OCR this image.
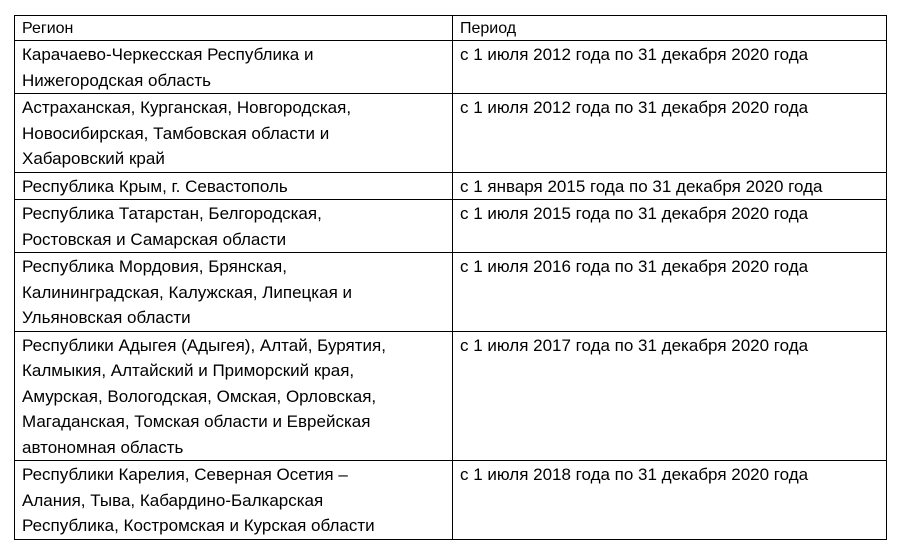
Регион	Период
Карачаево-Черкесская Республика и
Нижегородская область	с 1 июля 2012 года по 31 декабря 2020 года
Астраханская, Курганская, Новгородская,
Новосибирская, Тамбовская области и
Хабаровский край	с 1 июля 2012 года по 31 декабря 2020 года
Республика Крым, г. Севастополь	с 1 января 2015 года по 31 декабря 2020 года
Республика Татарстан, Белгородская,
Ростовская и Самарская области	с 1 июля 2015 года по 31 декабря 2020 года
Республика Мордовия, Брянская,
Калининградская, Калужская, Липецкая и
Ульяновская области	с 1 июля 2016 года по 31 декабря 2020 года
Республики Адыгея (Адыгея), Алтай, Бурятия,
Калмыкия, Алтайский и Приморский края,
Амурская, Вологодская, Омская, Орловская,
Магаданская, Томская области и Еврейская
автономная область	с 1 июля 2017 года по 31 декабря 2020 года
Республики Карелия, Северная Осетия –
Алания, Тыва, Кабардино-Балкарская
Республика, Костромская и Курская области	с 1 июля 2018 года по 31 декабря 2020 года
